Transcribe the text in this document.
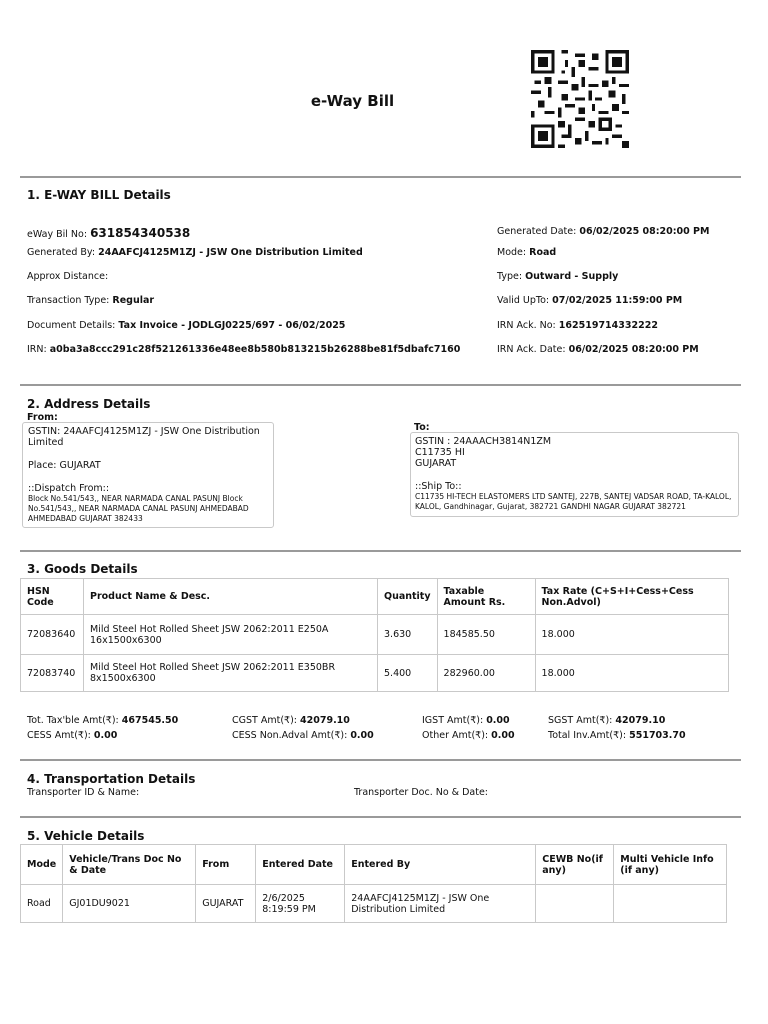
e-Way Bill
1. E-WAY BILL Details
eWay Bil No: 631854340538
Generated By: 24AAFCJ4125M1ZJ - JSW One Distribution Limited
Approx Distance:
Transaction Type: Regular
Document Details: Tax Invoice - JODLGJ0225/697 - 06/02/2025
IRN: a0ba3a8ccc291c28f521261336e48ee8b580b813215b26288be81f5dbafc7160
Generated Date: 06/02/2025 08:20:00 PM
Mode: Road
Type: Outward - Supply
Valid UpTo: 07/02/2025 11:59:00 PM
IRN Ack. No: 162519714332222
IRN Ack. Date: 06/02/2025 08:20:00 PM
2. Address Details
From:
GSTIN: 24AAFCJ4125M1ZJ - JSW One Distribution Limited
Place: GUJARAT
::Dispatch From::
Block No.541/543,, NEAR NARMADA CANAL PASUNJ Block No.541/543,, NEAR NARMADA CANAL PASUNJ AHMEDABAD AHMEDABAD GUJARAT 382433
To:
GSTIN : 24AAACH3814N1ZM
C11735 HI
GUJARAT
::Ship To::
C11735 HI-TECH ELASTOMERS LTD SANTEJ, 227B, SANTEJ VADSAR ROAD, TA-KALOL, KALOL, Gandhinagar, Gujarat, 382721 GANDHI NAGAR GUJARAT 382721
3. Goods Details
HSN Code	Product Name & Desc.	Quantity	Taxable Amount Rs.	Tax Rate (C+S+I+Cess+Cess Non.Advol)
72083640	Mild Steel Hot Rolled Sheet JSW 2062:2011 E250A 16x1500x6300	3.630	184585.50	18.000
72083740	Mild Steel Hot Rolled Sheet JSW 2062:2011 E350BR 8x1500x6300	5.400	282960.00	18.000
Tot. Tax'ble Amt(₹): 467545.50	CGST Amt(₹): 42079.10	IGST Amt(₹): 0.00	SGST Amt(₹): 42079.10
CESS Amt(₹): 0.00	CESS Non.Adval Amt(₹): 0.00	Other Amt(₹): 0.00	Total Inv.Amt(₹): 551703.70
4. Transportation Details
Transporter ID & Name:	Transporter Doc. No & Date:
5. Vehicle Details
Mode	Vehicle/Trans Doc No & Date	From	Entered Date	Entered By	CEWB No(if any)	Multi Vehicle Info (if any)
Road	GJ01DU9021	GUJARAT	2/6/2025 8:19:59 PM	24AAFCJ4125M1ZJ - JSW One Distribution Limited		
